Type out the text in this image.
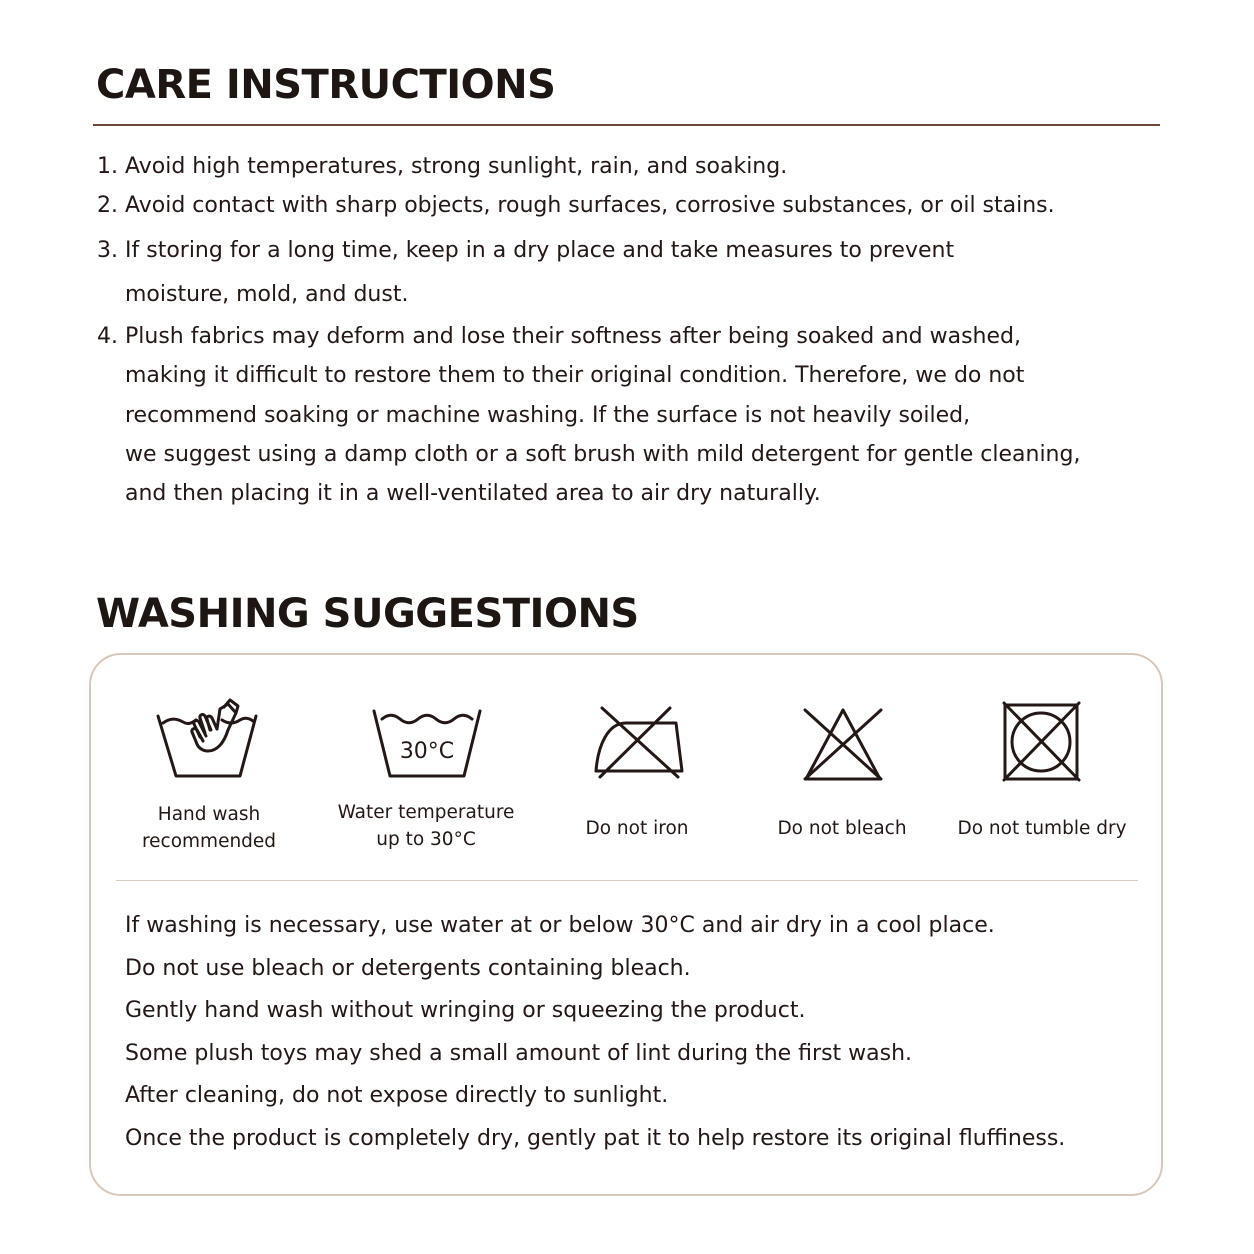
CARE INSTRUCTIONS
1. Avoid high temperatures, strong sunlight, rain, and soaking.
2. Avoid contact with sharp objects, rough surfaces, corrosive substances, or oil stains.
3. If storing for a long time, keep in a dry place and take measures to prevent
moisture, mold, and dust.
4. Plush fabrics may deform and lose their softness after being soaked and washed,
making it difficult to restore them to their original condition. Therefore, we do not
recommend soaking or machine washing. If the surface is not heavily soiled,
we suggest using a damp cloth or a soft brush with mild detergent for gentle cleaning,
and then placing it in a well-ventilated area to air dry naturally.
WASHING SUGGESTIONS
Hand wash
recommended
30°C
Water temperature
up to 30°C
Do not iron	Do not bleach	Do not tumble dry
If washing is necessary, use water at or below 30°C and air dry in a cool place.
Do not use bleach or detergents containing bleach.
Gently hand wash without wringing or squeezing the product.
Some plush toys may shed a small amount of lint during the first wash.
After cleaning, do not expose directly to sunlight.
Once the product is completely dry, gently pat it to help restore its original fluffiness.
